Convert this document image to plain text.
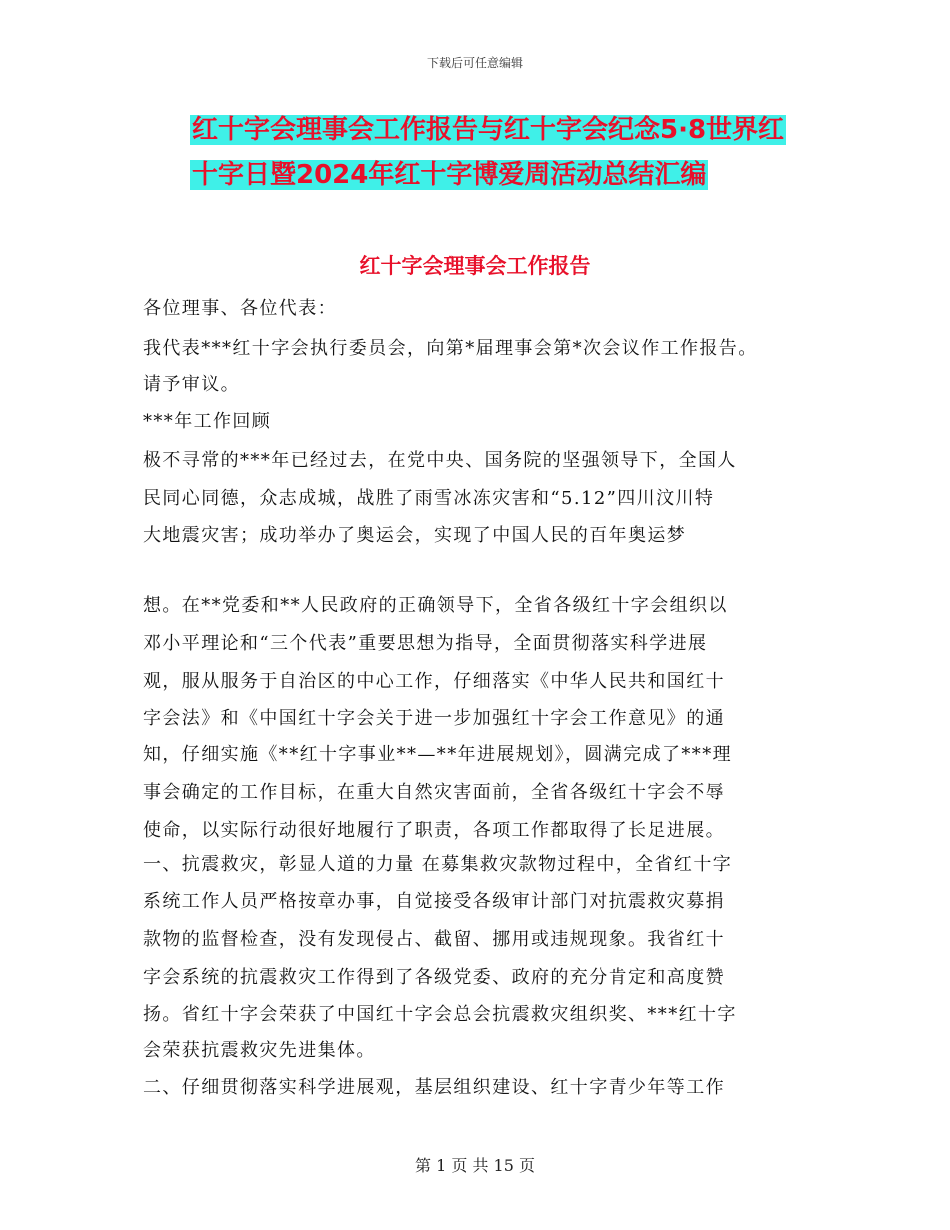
下载后可任意编辑
红十字会理事会工作报告与红十字会纪念5·8世界红
十字日暨2024年红十字博爱周活动总结汇编
红十字会理事会工作报告
各位理事、各位代表：
我代表***红十字会执行委员会，向第*届理事会第*次会议作工作报告。
请予审议。
***年工作回顾
极不寻常的***年已经过去，在党中央、国务院的坚强领导下，全国人
民同心同德，众志成城，战胜了雨雪冰冻灾害和“5.12”四川汶川特
大地震灾害；成功举办了奥运会，实现了中国人民的百年奥运梦
想。在**党委和**人民政府的正确领导下，全省各级红十字会组织以
邓小平理论和“三个代表”重要思想为指导，全面贯彻落实科学进展
观，服从服务于自治区的中心工作，仔细落实《中华人民共和国红十
字会法》和《中国红十字会关于进一步加强红十字会工作意见》的通
知，仔细实施《**红十字事业**—**年进展规划》，圆满完成了***理
事会确定的工作目标，在重大自然灾害面前，全省各级红十字会不辱
使命，以实际行动很好地履行了职责，各项工作都取得了长足进展。
一、抗震救灾，彰显人道的力量 在募集救灾款物过程中，全省红十字
系统工作人员严格按章办事，自觉接受各级审计部门对抗震救灾募捐
款物的监督检查，没有发现侵占、截留、挪用或违规现象。我省红十
字会系统的抗震救灾工作得到了各级党委、政府的充分肯定和高度赞
扬。省红十字会荣获了中国红十字会总会抗震救灾组织奖、***红十字
会荣获抗震救灾先进集体。
二、仔细贯彻落实科学进展观，基层组织建设、红十字青少年等工作
第 1 页 共 15 页
